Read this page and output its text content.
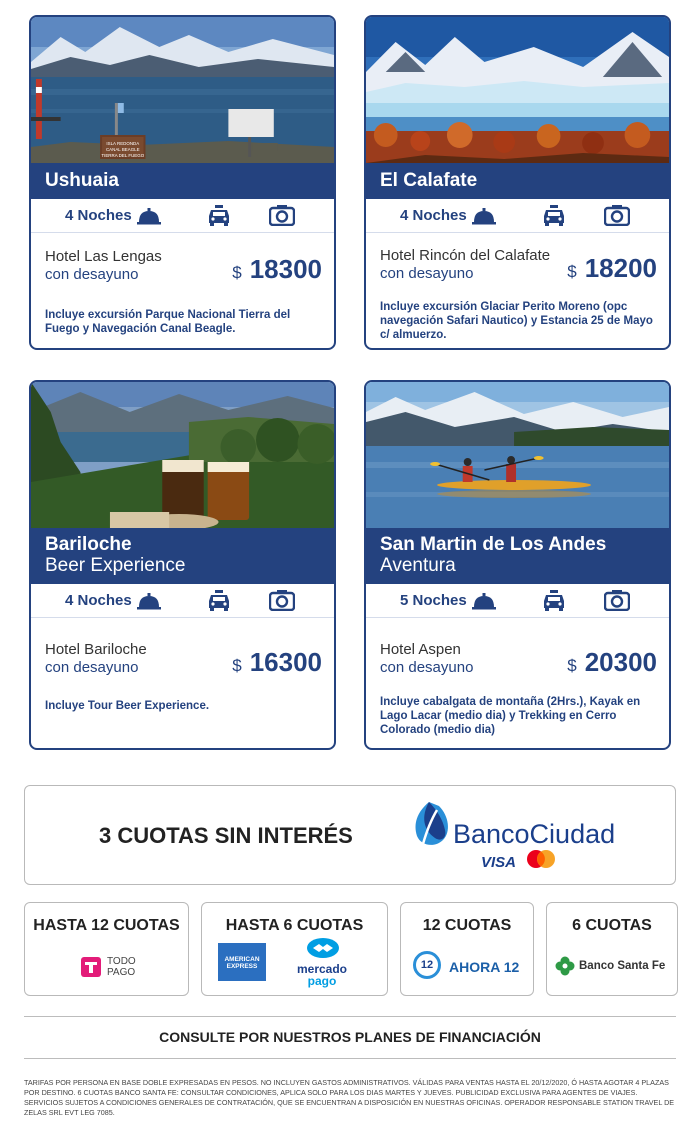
ISLA REDONDA
CANAL BEAGLE
TIERRA DEL FUEGO
Ushuaia
4 Noches
Hotel Las Lengas
con desayuno	$ 18300
Incluye excursión Parque Nacional Tierra del Fuego y Navegación Canal Beagle.
El Calafate
4 Noches
Hotel Rincón del Calafate
con desayuno	$ 18200
Incluye excursión Glaciar Perito Moreno (opc navegación Safari Nautico) y Estancia 25 de Mayo c/ almuerzo.
Bariloche
Beer Experience
4 Noches
Hotel Bariloche
con desayuno	$ 16300
Incluye Tour Beer Experience.
San Martin de Los Andes
Aventura
5 Noches
Hotel Aspen
con desayuno	$ 20300
Incluye cabalgata de montaña (2Hrs.), Kayak en Lago Lacar (medio dia) y Trekking en Cerro Colorado (medio dia)
3 CUOTAS SIN INTERÉS	BancoCiudad
VISA
HASTA 12 CUOTAS
TODO
PAGO
HASTA 6 CUOTAS
AMERICAN
EXPRESS	mercado
pago
12 CUOTAS
12	AHORA 12
6 CUOTAS
Banco Santa Fe
CONSULTE POR NUESTROS PLANES DE FINANCIACIÓN
TARIFAS POR PERSONA EN BASE DOBLE EXPRESADAS EN PESOS. NO INCLUYEN GASTOS ADMINISTRATIVOS. VÁLIDAS PARA VENTAS HASTA EL 20/12/2020, Ó HASTA AGOTAR 4 PLAZAS POR DESTINO. 6 CUOTAS BANCO SANTA FE: CONSULTAR CONDICIONES, APLICA SOLO PARA LOS DIAS MARTES Y JUEVES. PUBLICIDAD EXCLUSIVA PARA AGENTES DE VIAJES. SERVICIOS SUJETOS A CONDICIONES GENERALES DE CONTRATACIÓN, QUE SE ENCUENTRAN A DISPOSICIÓN EN NUESTRAS OFICINAS. OPERADOR RESPONSABLE STATION TRAVEL DE ZELAS SRL EVT LEG 7085.
